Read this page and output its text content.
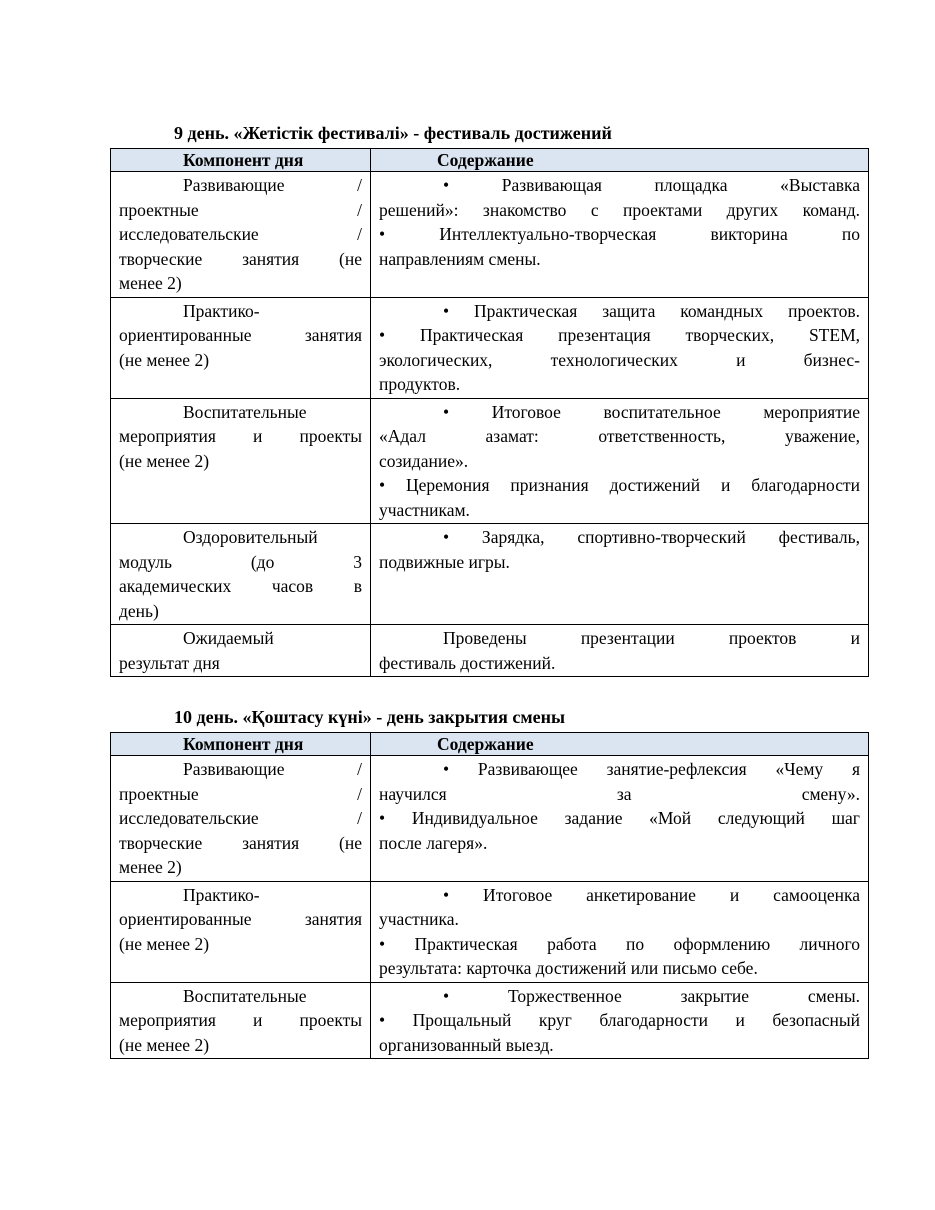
9 день. «Жетістік фестивалі» - фестиваль достижений
Компонент дня	Содержание

Развивающие /
проектные /
исследовательские /
творческие занятия (не
менее 2)	• Развивающая площадка «Выставка
решений»: знакомство с проектами других команд.
• Интеллектуально-творческая викторина по
направлениям смены.

Практико-
ориентированные занятия
(не менее 2)	• Практическая защита командных проектов.
• Практическая презентация творческих, STEM,
экологических, технологических и бизнес-
продуктов.

Воспитательные
мероприятия и проекты
(не менее 2)	• Итоговое воспитательное мероприятие
«Адал азамат: ответственность, уважение,
созидание».
• Церемония признания достижений и благодарности
участникам.

Оздоровительный
модуль (до 3
академических часов в
день)	• Зарядка, спортивно-творческий фестиваль,
подвижные игры.

Ожидаемый
результат дня	Проведены презентации проектов и
фестиваль достижений.
10 день. «Қоштасу күні» - день закрытия смены
Компонент дня	Содержание

Развивающие /
проектные /
исследовательские /
творческие занятия (не
менее 2)	• Развивающее занятие-рефлексия «Чему я
научился за смену».
• Индивидуальное задание «Мой следующий шаг
после лагеря».

Практико-
ориентированные занятия
(не менее 2)	• Итоговое анкетирование и самооценка
участника.
• Практическая работа по оформлению личного
результата: карточка достижений или письмо себе.

Воспитательные
мероприятия и проекты
(не менее 2)	• Торжественное закрытие смены.
• Прощальный круг благодарности и безопасный
организованный выезд.
